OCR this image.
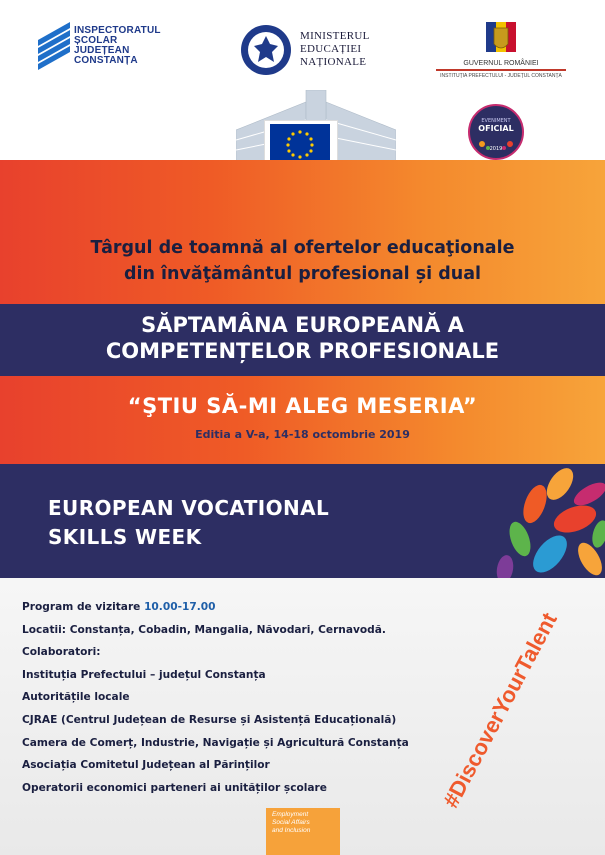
INSPECTORATUL
ȘCOLAR
JUDEȚEAN
CONSTANȚA
MINISTERUL
EDUCAȚIEI
NAȚIONALE	GUVERNUL ROMÂNIEI
INSTITUȚIA PREFECTULUI - JUDEȚUL CONSTANȚA
EVENIMENT
OFICIAL
2019
Târgul de toamnă al ofertelor educaţionale
din învăţământul profesional și dual
SĂPTAMÂNA EUROPEANĂ A
COMPETENȚELOR PROFESIONALE
“ŞTIU SĂ-MI ALEG MESERIA”
Editia a V-a, 14-18 octombrie 2019
EUROPEAN VOCATIONAL
SKILLS WEEK
Program de vizitare 10.00-17.00
Locatii: Constanța, Cobadin, Mangalia, Năvodari, Cernavodă.
Colaboratori:
Instituția Prefectului – județul Constanța
Autoritățile locale
CJRAE (Centrul Județean de Resurse și Asistență Educațională)
Camera de Comerț, Industrie, Navigație și Agricultură Constanța
Asociația Comitetul Județean al Părinților
Operatorii economici parteneri ai unităților școlare	#DiscoverYourTalent
Employment
Social Affairs
and Inclusion
